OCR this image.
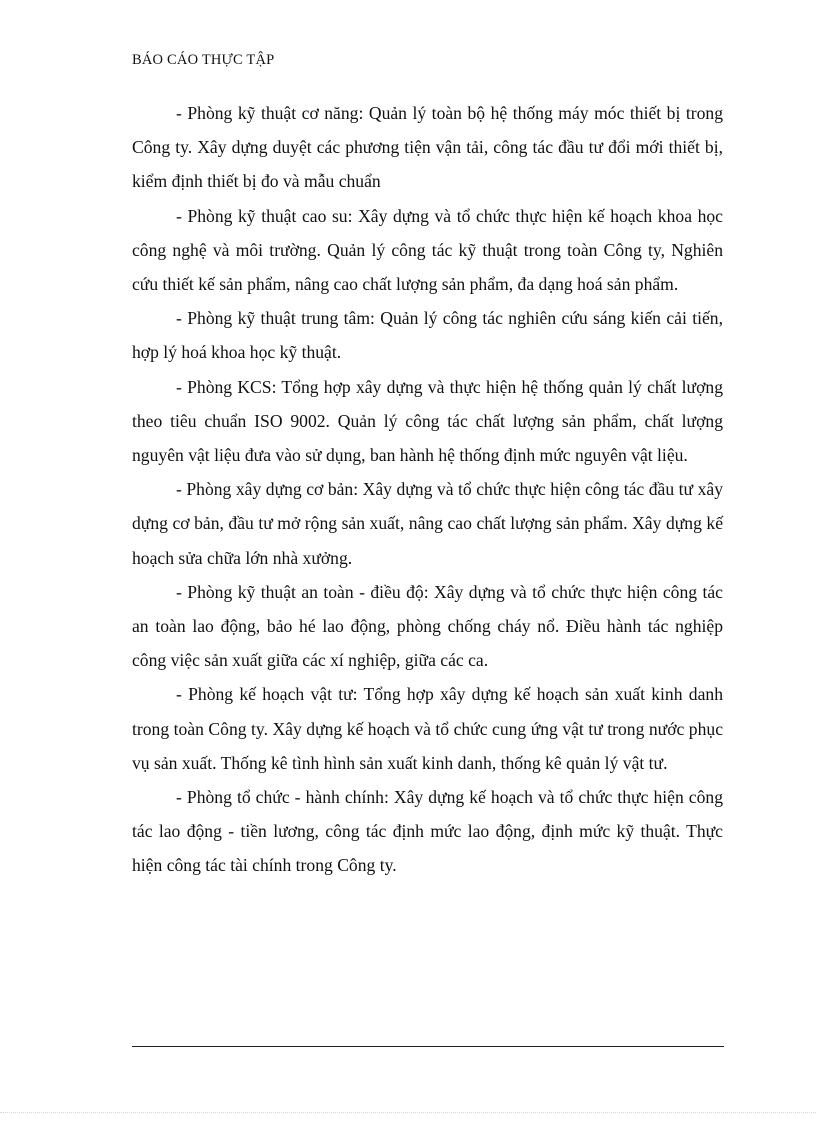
BÁO CÁO THỰC TẬP

- Phòng kỹ thuật cơ năng: Quản lý toàn bộ hệ thống máy móc thiết bị trong Công ty. Xây dựng duyệt các phương tiện vận tải, công tác đầu tư đổi mới thiết bị, kiểm định thiết bị đo và mẫu chuẩn

- Phòng kỹ thuật cao su: Xây dựng và tổ chức thực hiện kế hoạch khoa học công nghệ và môi trường. Quản lý công tác kỹ thuật trong toàn Công ty, Nghiên cứu thiết kế sản phẩm, nâng cao chất lượng sản phẩm, đa dạng hoá sản phẩm.

- Phòng kỹ thuật trung tâm: Quản lý công tác nghiên cứu sáng kiến cải tiến, hợp lý hoá khoa học kỹ thuật.

- Phòng KCS: Tổng hợp xây dựng và thực hiện hệ thống quản lý chất lượng theo tiêu chuẩn ISO 9002. Quản lý công tác chất lượng sản phẩm, chất lượng nguyên vật liệu đưa vào sử dụng, ban hành hệ thống định mức nguyên vật liệu.

- Phòng xây dựng cơ bản: Xây dựng và tổ chức thực hiện công tác đầu tư xây dựng cơ bản, đầu tư mở rộng sản xuất, nâng cao chất lượng sản phẩm. Xây dựng kế hoạch sửa chữa lớn nhà xưởng.

- Phòng kỹ thuật an toàn - điều độ: Xây dựng và tổ chức thực hiện công tác an toàn lao động, bảo hé lao động, phòng chống cháy nổ. Điều hành tác nghiệp công việc sản xuất giữa các xí nghiệp, giữa các ca.

- Phòng kế hoạch vật tư: Tổng hợp xây dựng kế hoạch sản xuất kinh danh trong toàn Công ty. Xây dựng kế hoạch và tổ chức cung ứng vật tư trong nước phục vụ sản xuất. Thống kê tình hình sản xuất kinh danh, thống kê quản lý vật tư.

- Phòng tổ chức - hành chính: Xây dựng kế hoạch và tổ chức thực hiện công tác lao động - tiền lương, công tác định mức lao động, định mức kỹ thuật. Thực hiện công tác tài chính trong Công ty.
